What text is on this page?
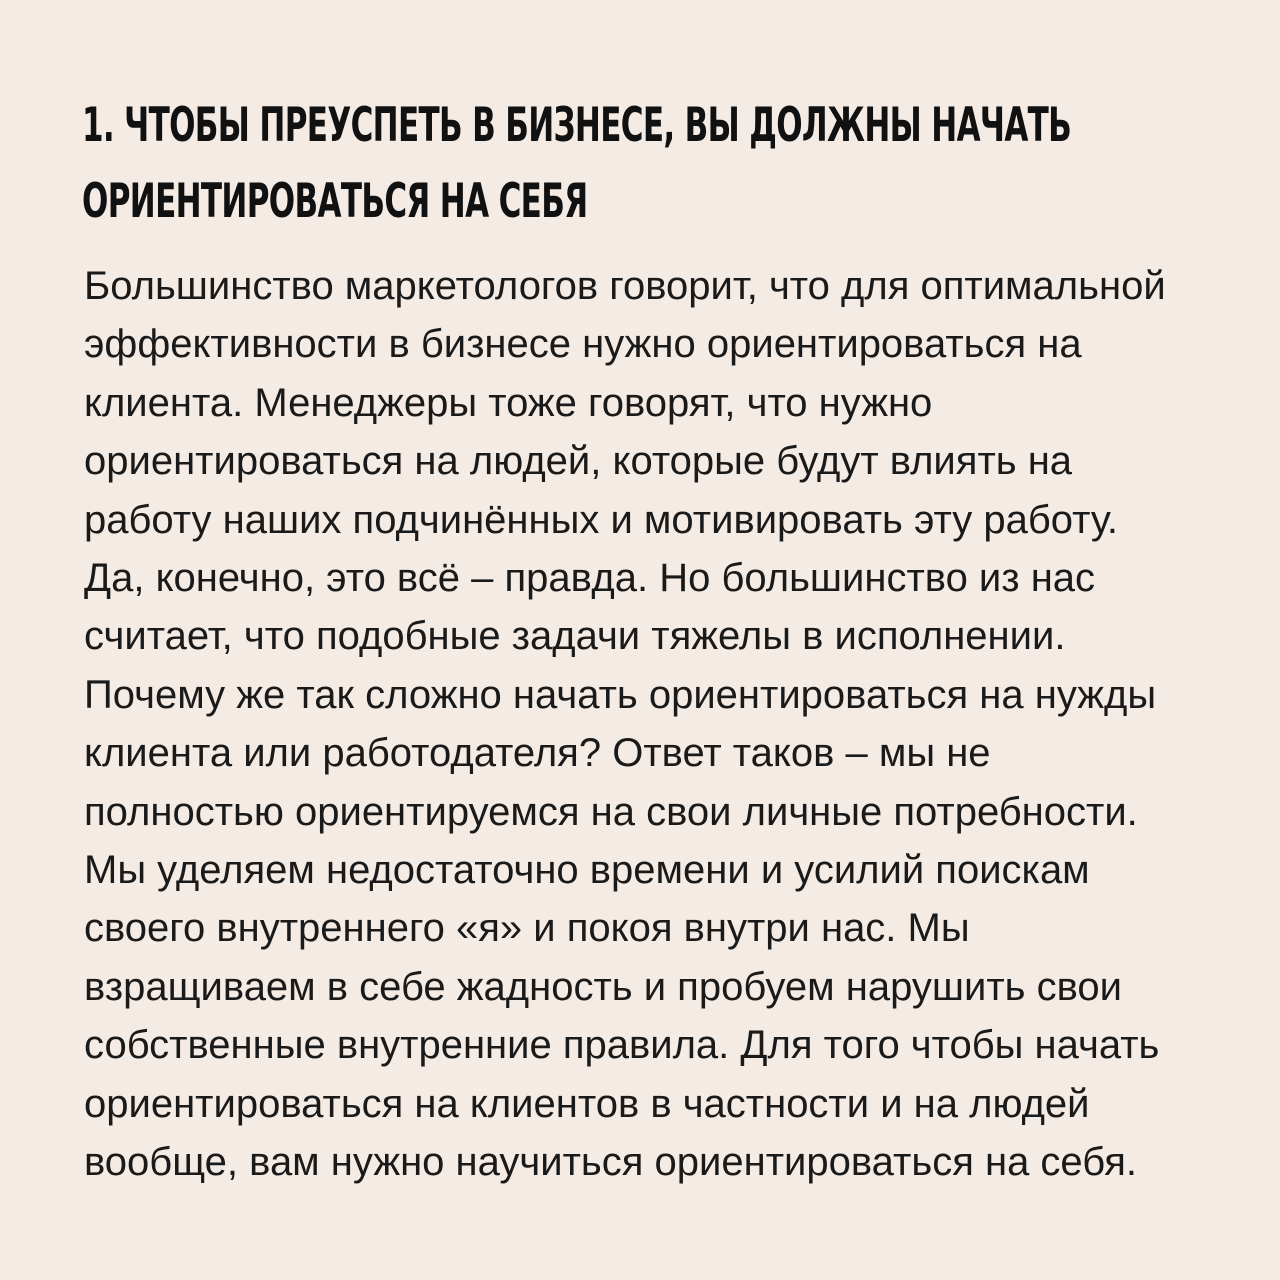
1. ЧТОБЫ ПРЕУСПЕТЬ В БИЗНЕСЕ, ВЫ ДОЛЖНЫ НАЧАТЬ
ОРИЕНТИРОВАТЬСЯ НА СЕБЯ

Большинство маркетологов говорит, что для оптимальной
эффективности в бизнесе нужно ориентироваться на
клиента. Менеджеры тоже говорят, что нужно
ориентироваться на людей, которые будут влиять на
работу наших подчинённых и мотивировать эту работу.
Да, конечно, это всё – правда. Но большинство из нас
считает, что подобные задачи тяжелы в исполнении.
Почему же так сложно начать ориентироваться на нужды
клиента или работодателя? Ответ таков – мы не
полностью ориентируемся на свои личные потребности.
Мы уделяем недостаточно времени и усилий поискам
своего внутреннего «я» и покоя внутри нас. Мы
взращиваем в себе жадность и пробуем нарушить свои
собственные внутренние правила. Для того чтобы начать
ориентироваться на клиентов в частности и на людей
вообще, вам нужно научиться ориентироваться на себя.
